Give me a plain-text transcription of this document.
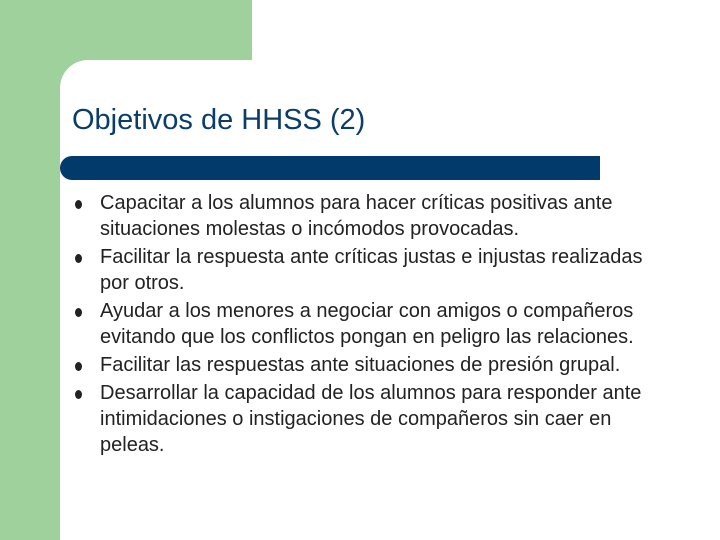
Objetivos de HHSS (2)
Capacitar a los alumnos para hacer críticas positivas ante situaciones molestas o incómodos provocadas.
Facilitar la respuesta ante críticas justas e injustas realizadas por otros.
Ayudar a los menores a negociar con amigos o compañeros evitando que los conflictos pongan en peligro las relaciones.
Facilitar las respuestas ante situaciones de presión grupal.
Desarrollar la capacidad de los alumnos para responder ante intimidaciones o instigaciones de compañeros sin caer en peleas.
